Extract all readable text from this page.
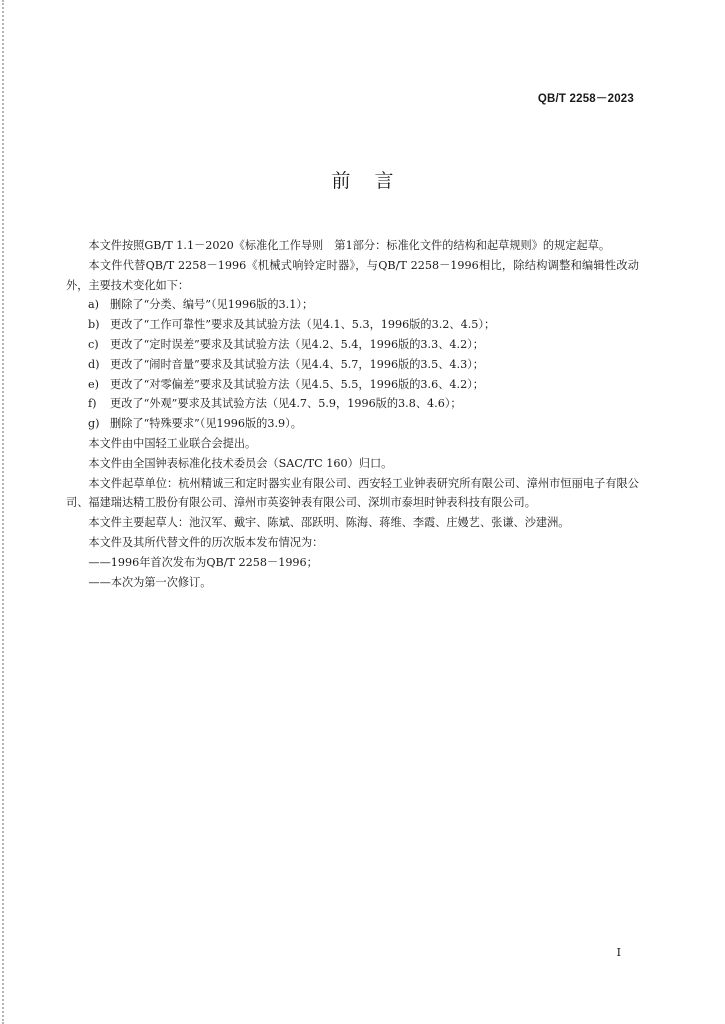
QB/T 2258－2023
前言

本文件按照GB/T 1.1－2020《标准化工作导则　第1部分：标准化文件的结构和起草规则》的规定起草。

本文件代替QB/T 2258－1996《机械式响铃定时器》，与QB/T 2258－1996相比，除结构调整和编辑性改动外，主要技术变化如下：

a) 删除了“分类、编号”（见1996版的3.1）；

b) 更改了“工作可靠性”要求及其试验方法（见4.1、5.3，1996版的3.2、4.5）；

c) 更改了“定时误差”要求及其试验方法（见4.2、5.4，1996版的3.3、4.2）；

d) 更改了“闹时音量”要求及其试验方法（见4.4、5.7，1996版的3.5、4.3）；

e) 更改了“对零偏差”要求及其试验方法（见4.5、5.5，1996版的3.6、4.2）；

f) 更改了“外观”要求及其试验方法（见4.7、5.9，1996版的3.8、4.6）；

g) 删除了“特殊要求”（见1996版的3.9）。

本文件由中国轻工业联合会提出。

本文件由全国钟表标准化技术委员会（SAC/TC 160）归口。

本文件起草单位：杭州精诚三和定时器实业有限公司、西安轻工业钟表研究所有限公司、漳州市恒丽电子有限公司、福建瑞达精工股份有限公司、漳州市英姿钟表有限公司、深圳市泰坦时钟表科技有限公司。

本文件主要起草人：池汉军、戴宇、陈斌、邵跃明、陈海、蒋维、李霞、庄嫚艺、张谦、沙建洲。

本文件及其所代替文件的历次版本发布情况为：

——1996年首次发布为QB/T 2258－1996；

——本次为第一次修订。

I
